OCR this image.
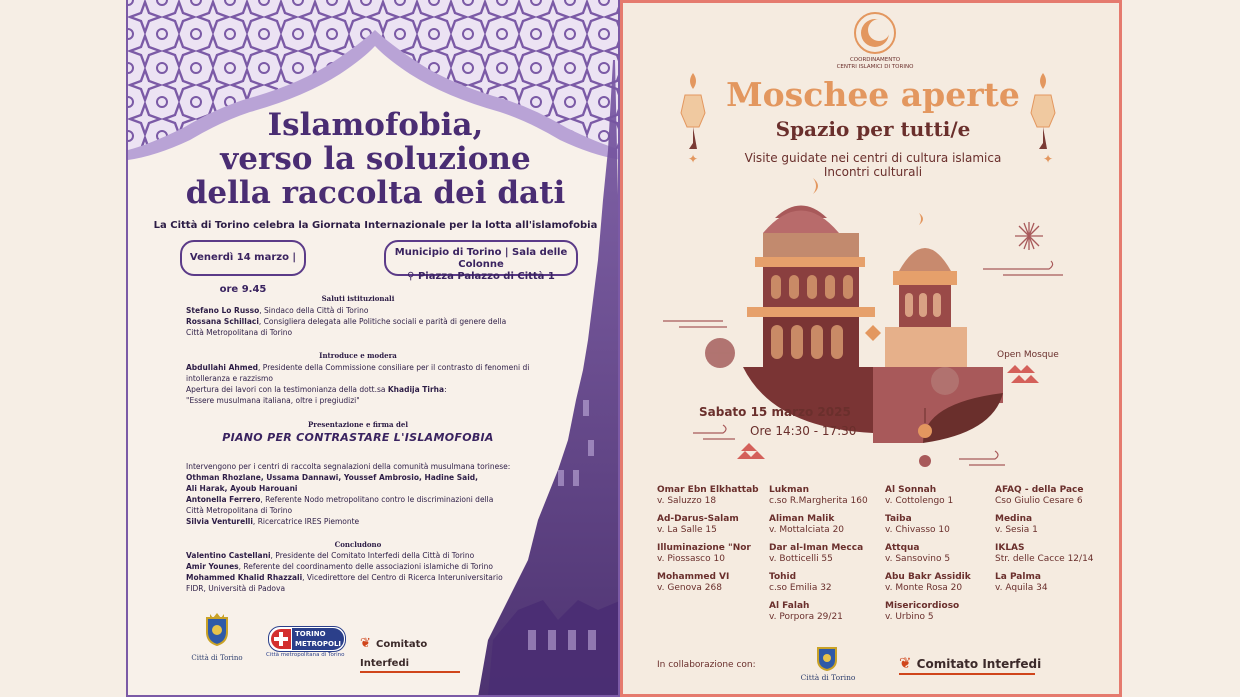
Islamofobia,
verso la soluzione
della raccolta dei dati
La Città di Torino celebra la Giornata Internazionale per la lotta all'islamofobia
Venerdì 14 marzo | ore 9.45
Municipio di Torino | Sala delle Colonne
⚲ Piazza Palazzo di Città 1
Saluti istituzionali
Stefano Lo Russo, Sindaco della Città di Torino
Rossana Schillaci, Consigliera delegata alle Politiche sociali e parità di genere della
Città Metropolitana di Torino
Introduce e modera
Abdullahi Ahmed, Presidente della Commissione consiliare per il contrasto di fenomeni di
intolleranza e razzismo
Apertura dei lavori con la testimonianza della dott.sa Khadija Tirha:
"Essere musulmana italiana, oltre i pregiudizi"
Presentazione e firma del
PIANO PER CONTRASTARE L'ISLAMOFOBIA
Intervengono per i centri di raccolta segnalazioni della comunità musulmana torinese:
Othman Rhozlane, Ussama Dannawi, Youssef Ambrosio, Hadine Said,
Ali Harak, Ayoub Harouani
Antonella Ferrero, Referente Nodo metropolitano contro le discriminazioni della
Città Metropolitana di Torino
Silvia Venturelli, Ricercatrice IRES Piemonte
Concludono
Valentino Castellani, Presidente del Comitato Interfedi della Città di Torino
Amir Younes, Referente del coordinamento delle associazioni islamiche di Torino
Mohammed Khalid Rhazzali, Vicedirettore del Centro di Ricerca Interuniversitario
FIDR, Università di Padova
Città di Torino
TORINO METROPOLI
Città metropolitana di Torino
❦ Comitato Interfedi
✦	✦
COORDINAMENTO
CENTRI ISLAMICI DI TORINO
Moschee aperte
Spazio per tutti/e
Visite guidate nei centri di cultura islamica
Incontri culturali
Open Mosque
Sabato 15 marzo 2025
Ore 14:30 - 17:30
Omar Ebn Elkhattab
v. Saluzzo 18
Ad-Darus-Salam
v. La Salle 15
Illuminazione "Nor
v. Piossasco 10
Mohammed VI
v. Genova 268
Lukman
c.so R.Margherita 160
Aliman Malik
v. Mottalciata 20
Dar al-Iman Mecca
v. Botticelli 55
Tohid
c.so Emilia 32
Al Falah
v. Porpora 29/21
Al Sonnah
v. Cottolengo 1
Taiba
v. Chivasso 10
Attqua
v. Sansovino 5
Abu Bakr Assidik
v. Monte Rosa 20
Misericordioso
v. Urbino 5
AFAQ - della Pace
Cso Giulio Cesare 6
Medina
v. Sesia 1
IKLAS
Str. delle Cacce 12/14
La Palma
v. Aquila 34
In collaborazione con:
Città di Torino
❦ Comitato Interfedi
